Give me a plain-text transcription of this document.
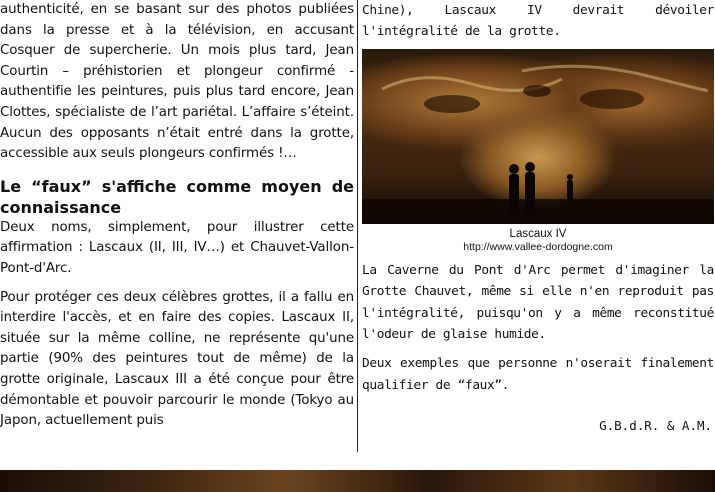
authenticité, en se basant sur des photos publiées dans la presse et à la télévision, en accusant Cosquer de supercherie. Un mois plus tard, Jean Courtin – préhistorien et plongeur confirmé - authentifie les peintures, puis plus tard encore, Jean Clottes, spécialiste de l’art pariétal. L’affaire s’éteint. Aucun des opposants n’était entré dans la grotte, accessible aux seuls plongeurs confirmés !…

Le “faux” s'affiche comme moyen de connaissance

Deux noms, simplement, pour illustrer cette affirmation : Lascaux (II, III, IV…) et Chauvet-Vallon-Pont-d'Arc.

Pour protéger ces deux célèbres grottes, il a fallu en interdire l'accès, et en faire des copies. Lascaux II, située sur la même colline, ne représente qu'une partie (90% des peintures tout de même) de la grotte originale, Lascaux III a été conçue pour être démontable et pouvoir parcourir le monde (Tokyo au Japon, actuellement puis

Chine), Lascaux IV devrait dévoiler l'intégralité de la grotte.

Lascaux IV

http://www.vallee-dordogne.com

La Caverne du Pont d'Arc permet d'imaginer la Grotte Chauvet, même si elle n'en reproduit pas l'intégralité, puisqu'on y a même reconstitué l'odeur de glaise humide.

Deux exemples que personne n'oserait finalement qualifier de “faux”.

G.B.d.R. & A.M.
